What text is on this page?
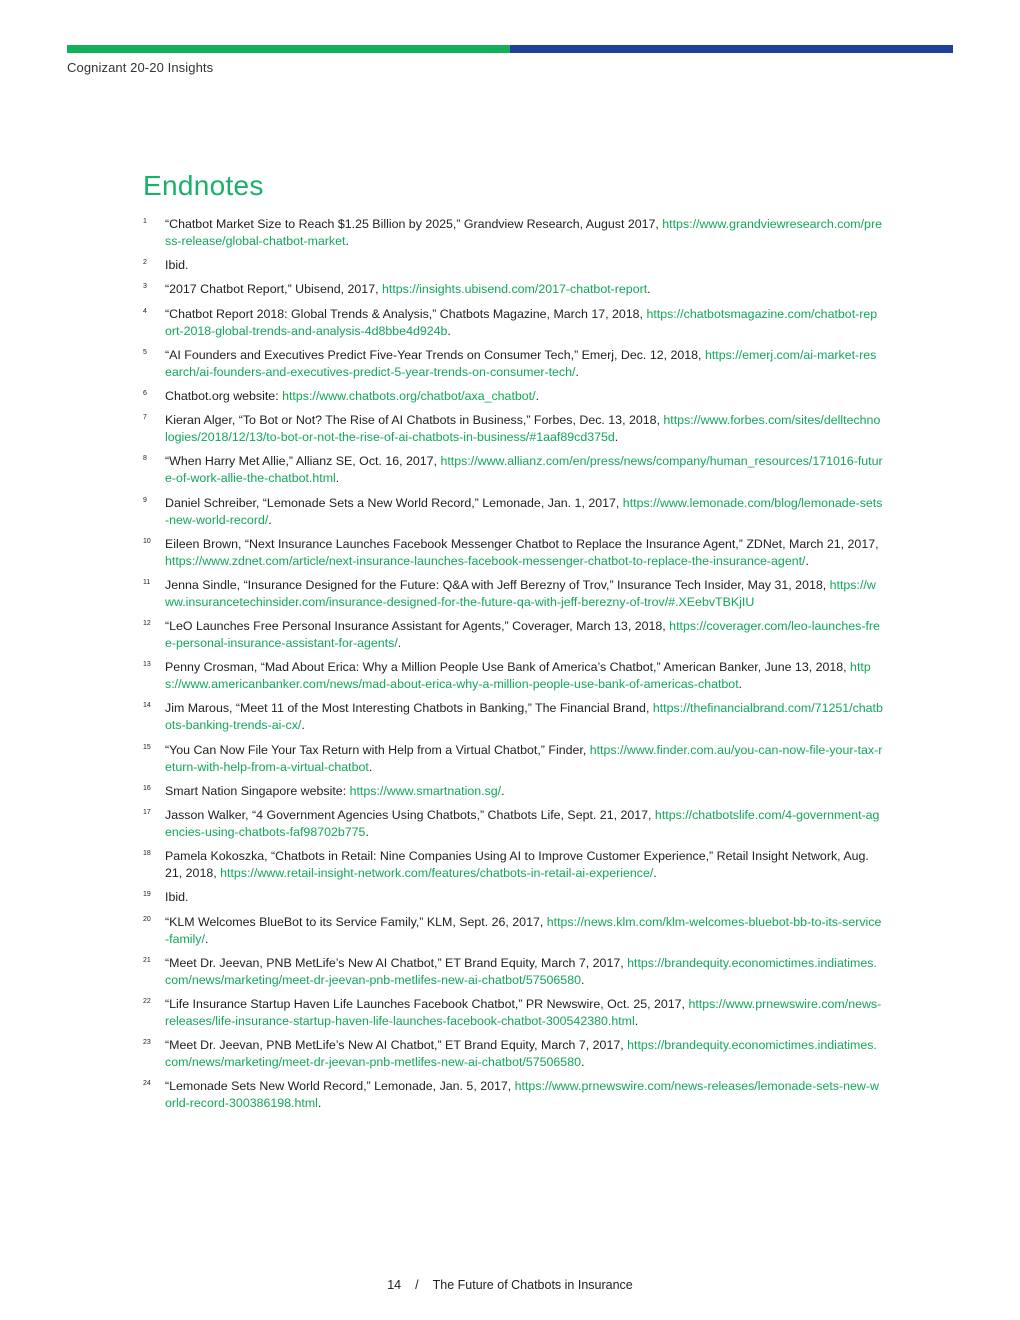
Cognizant 20-20 Insights
Endnotes
1	“Chatbot Market Size to Reach $1.25 Billion by 2025,” Grandview Research, August 2017, https://www.grandviewresearch.com/press-release/global-chatbot-market.
2	Ibid.
3	“2017 Chatbot Report,” Ubisend, 2017, https://insights.ubisend.com/2017-chatbot-report.
4	“Chatbot Report 2018: Global Trends & Analysis,” Chatbots Magazine, March 17, 2018, https://chatbotsmagazine.com/chatbot-report-2018-global-trends-and-analysis-4d8bbe4d924b.
5	“AI Founders and Executives Predict Five-Year Trends on Consumer Tech,” Emerj, Dec. 12, 2018, https://emerj.com/ai-market-research/ai-founders-and-executives-predict-5-year-trends-on-consumer-tech/.
6	Chatbot.org website: https://www.chatbots.org/chatbot/axa_chatbot/.
7	Kieran Alger, “To Bot or Not? The Rise of AI Chatbots in Business,” Forbes, Dec. 13, 2018, https://www.forbes.com/sites/delltechnologies/2018/12/13/to-bot-or-not-the-rise-of-ai-chatbots-in-business/#1aaf89cd375d.
8	“When Harry Met Allie,” Allianz SE, Oct. 16, 2017, https://www.allianz.com/en/press/news/company/human_resources/171016-future-of-work-allie-the-chatbot.html.
9	Daniel Schreiber, “Lemonade Sets a New World Record,” Lemonade, Jan. 1, 2017, https://www.lemonade.com/blog/lemonade-sets-new-world-record/.
10	Eileen Brown, “Next Insurance Launches Facebook Messenger Chatbot to Replace the Insurance Agent,” ZDNet, March 21, 2017, https://www.zdnet.com/article/next-insurance-launches-facebook-messenger-chatbot-to-replace-the-insurance-agent/.
11	Jenna Sindle, “Insurance Designed for the Future: Q&A with Jeff Berezny of Trov,” Insurance Tech Insider, May 31, 2018, https://www.insurancetechinsider.com/insurance-designed-for-the-future-qa-with-jeff-berezny-of-trov/#.XEebvTBKjIU
12	“LeO Launches Free Personal Insurance Assistant for Agents,” Coverager, March 13, 2018, https://coverager.com/leo-launches-free-personal-insurance-assistant-for-agents/.
13	Penny Crosman, “Mad About Erica: Why a Million People Use Bank of America’s Chatbot,” American Banker, June 13, 2018, https://www.americanbanker.com/news/mad-about-erica-why-a-million-people-use-bank-of-americas-chatbot.
14	Jim Marous, “Meet 11 of the Most Interesting Chatbots in Banking,” The Financial Brand, https://thefinancialbrand.com/71251/chatbots-banking-trends-ai-cx/.
15	“You Can Now File Your Tax Return with Help from a Virtual Chatbot,” Finder, https://www.finder.com.au/you-can-now-file-your-tax-return-with-help-from-a-virtual-chatbot.
16	Smart Nation Singapore website: https://www.smartnation.sg/.
17	Jasson Walker, “4 Government Agencies Using Chatbots,” Chatbots Life, Sept. 21, 2017, https://chatbotslife.com/4-government-agencies-using-chatbots-faf98702b775.
18	Pamela Kokoszka, “Chatbots in Retail: Nine Companies Using AI to Improve Customer Experience,” Retail Insight Network, Aug. 21, 2018, https://www.retail-insight-network.com/features/chatbots-in-retail-ai-experience/.
19	Ibid.
20	“KLM Welcomes BlueBot to its Service Family,” KLM, Sept. 26, 2017, https://news.klm.com/klm-welcomes-bluebot-bb-to-its-service-family/.
21	“Meet Dr. Jeevan, PNB MetLife’s New AI Chatbot,” ET Brand Equity, March 7, 2017, https://brandequity.economictimes.indiatimes.com/news/marketing/meet-dr-jeevan-pnb-metlifes-new-ai-chatbot/57506580.
22	“Life Insurance Startup Haven Life Launches Facebook Chatbot,” PR Newswire, Oct. 25, 2017, https://www.prnewswire.com/news-releases/life-insurance-startup-haven-life-launches-facebook-chatbot-300542380.html.
23	“Meet Dr. Jeevan, PNB MetLife’s New AI Chatbot,” ET Brand Equity, March 7, 2017, https://brandequity.economictimes.indiatimes.com/news/marketing/meet-dr-jeevan-pnb-metlifes-new-ai-chatbot/57506580.
24	“Lemonade Sets New World Record,” Lemonade, Jan. 5, 2017, https://www.prnewswire.com/news-releases/lemonade-sets-new-world-record-300386198.html.
14 / The Future of Chatbots in Insurance
